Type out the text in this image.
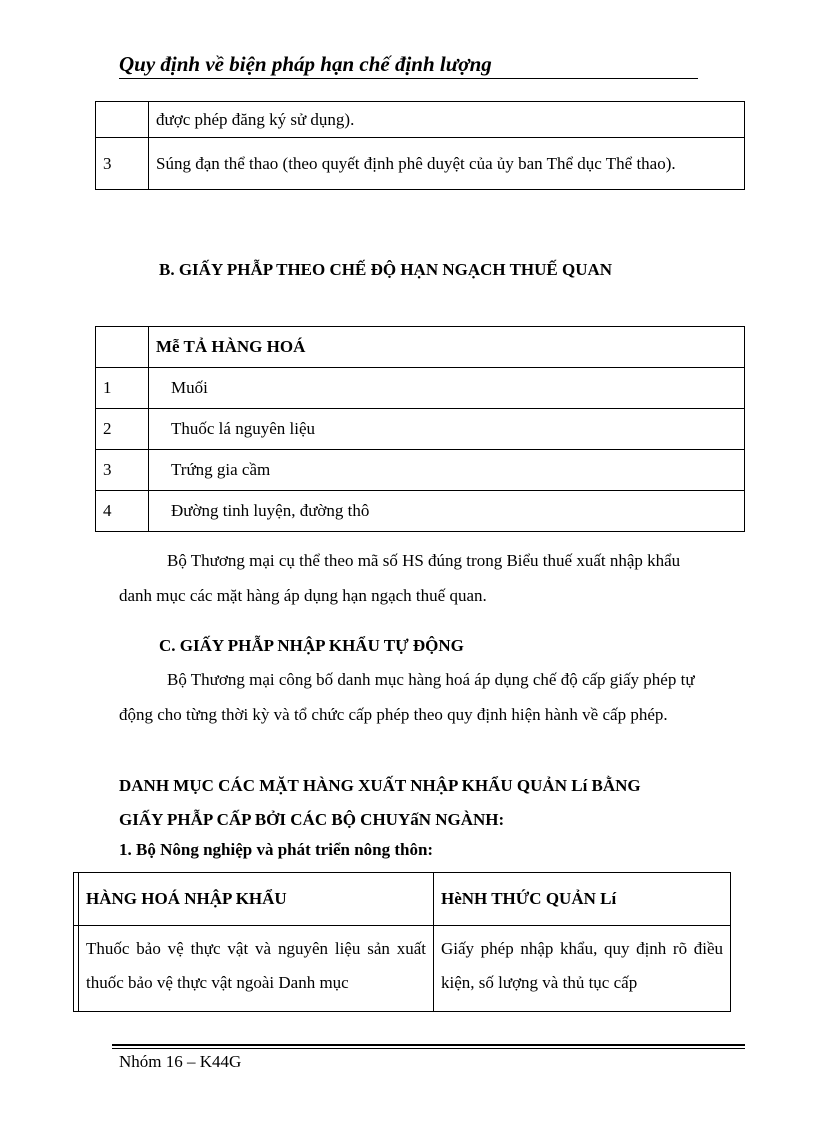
Quy định về biện pháp hạn chế định lượng
	được phép đăng ký sử dụng).
3	Súng đạn thể thao (theo quyết định phê duyệt của ủy ban Thể dục Thể thao).
B. GIẤY PHẪP THEO CHẾ ĐỘ HẠN NGẠCH THUẾ QUAN
	Mễ TẢ HÀNG HOÁ
1	Muối
2	Thuốc lá nguyên liệu
3	Trứng gia cầm
4	Đường tinh luyện, đường thô
Bộ Thương mại cụ thể theo mã số HS đúng trong Biểu thuế xuất nhập khẩu danh mục các mặt hàng áp dụng hạn ngạch thuế quan.
C. GIẤY PHẪP NHẬP KHẨU TỰ ĐỘNG
Bộ Thương mại công bố danh mục hàng hoá áp dụng chế độ cấp giấy phép tự động cho từng thời kỳ và tổ chức cấp phép theo quy định hiện hành về cấp phép.
DANH MỤC CÁC MẶT HÀNG XUẤT NHẬP KHẨU QUẢN Lí BẰNG
GIẤY PHẪP CẤP BỞI CÁC BỘ CHUYấN NGÀNH:
1. Bộ Nông nghiệp và phát triển nông thôn:
	HÀNG HOÁ NHẬP KHẨU	HèNH THỨC QUẢN Lí

	Thuốc bảo vệ thực vật và nguyên liệu sản xuất thuốc bảo vệ thực vật ngoài Danh mục	Giấy phép nhập khẩu, quy định rõ điều kiện, số lượng và thủ tục cấp
Nhóm 16 – K44G
